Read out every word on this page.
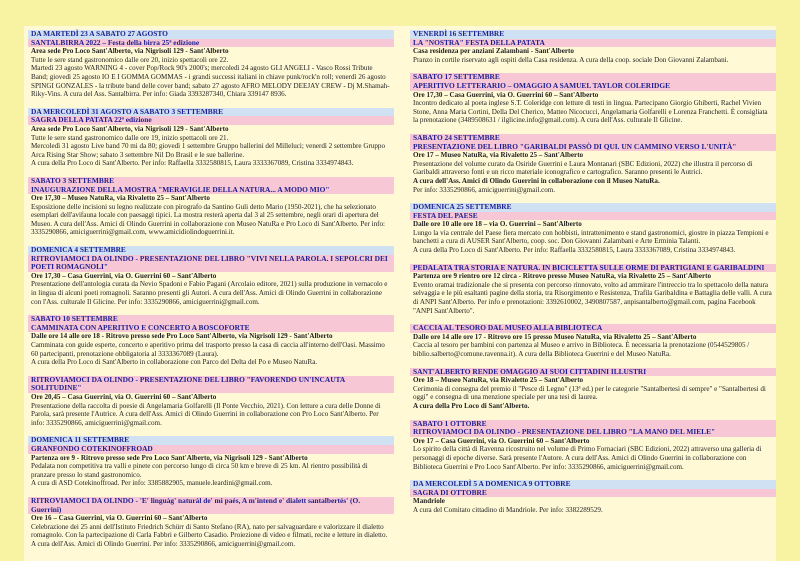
DA MARTEDÌ 23 A SABATO 27 AGOSTO
SANTALBIRRA 2022 – Festa della birra 25ª edizione
Area sede Pro Loco Sant'Alberto, via Nigrisoli 129 - Sant'Alberto
Tutte le sere stand gastronomico dalle ore 20, inizio spettacoli ore 22.
Martedì 23 agosto WARNING 4 - cover Pop/Rock 90's 2000's; mercoledì 24 agosto GLI ANGELI - Vasco Rossi Tribute Band; giovedì 25 agosto IO E I GOMMA GOMMAS - i grandi successi italiani in chiave punk/rock'n roll; venerdì 26 agosto SPINGI GONZALES - la tribute band delle cover band; sabato 27 agosto AFRO MELODY DEEJAY CREW - Dj M.Shamah-Riky-Vins. A cura del Ass. Santalbirra. Per info: Giada 3393287340, Chiara 339147 8936.
DA MERCOLEDÌ 31 AGOSTO A SABATO 3 SETTEMBRE
SAGRA DELLA PATATA 22ª edizione
Area sede Pro Loco Sant'Alberto, via Nigrisoli 129 - Sant'Alberto
Tutte le sere stand gastronomico dalle ore 19, inizio spettacoli ore 21.
Mercoledì 31 agosto Live band 70 mi da 80; giovedì 1 settembre Gruppo ballerini del Milleluci; venerdì 2 settembre Gruppo Arca Rising Star Show; sabato 3 settembre Nil Do Brasil e le sue ballerine.
A cura della Pro Loco di Sant'Alberto. Per info: Raffaella 3332580815, Laura 3333367089, Cristina 3334974843.
SABATO 3 SETTEMBRE
INAUGURAZIONE DELLA MOSTRA "MERAVIGLIE DELLA NATURA... A MODO MIO"
Ore 17,30 – Museo NatuRa, via Rivaletto 25 – Sant'Alberto
Esposizione delle incisioni su legno realizzate con pirografo da Santino Guli detto Mario (1950-2021), che ha selezionato esemplari dell'avifauna locale con paesaggi tipici. La mostra resterà aperta dal 3 al 25 settembre, negli orari di apertura del Museo. A cura dell'Ass. Amici di Olindo Guerrini in collaborazione con Museo NatuRa e Pro Loco di Sant'Alberto. Per info: 3335290866, amiciguerrini@gmail.com, www.amicidiolindoguerrini.it.
DOMENICA 4 SETTEMBRE
RITROVIAMOCI DA OLINDO - PRESENTAZIONE DEL LIBRO "VIVI NELLA PAROLA. I SEPOLCRI DEI POETI ROMAGNOLI"
Ore 17,30 – Casa Guerrini, via O. Guerrini 60 – Sant'Alberto
Presentazione dell'antologia curata da Nevio Spadoni e Fabio Pagani (Arcolaio editore, 2021) sulla produzione in vernacolo e in lingua di alcuni poeti romagnoli. Saranno presenti gli Autori. A cura dell'Ass. Amici di Olindo Guerrini in collaborazione con l'Ass. culturale Il Glicine. Per info: 3335290866, amiciguerrini@gmail.com.
SABATO 10 SETTEMBRE
CAMMINATA CON APERITIVO E CONCERTO A BOSCOFORTE
Dalle ore 14 alle ore 18 - Ritrovo presso sede Pro Loco Sant'Alberto, via Nigrisoli 129 - Sant'Alberto
Camminata con guide esperte, concerto e aperitivo prima del trasporto presso la casa di caccia all'interno dell'Oasi. Massimo 60 partecipanti, prenotazione obbligatoria al 3333367089 (Laura).
A cura della Pro Loco di Sant'Alberto in collaborazione con Parco del Delta del Po e Museo NatuRa.
RITROVIAMOCI DA OLINDO - PRESENTAZIONE DEL LIBRO "FAVORENDO UN'INCAUTA SOLITUDINE"
Ore 20,45 – Casa Guerrini, via O. Guerrini 60 – Sant'Alberto
Presentazione della raccolta di poesie di Angelamaria Golfarelli (Il Ponte Vecchio, 2021). Con letture a cura delle Donne di Parola, sarà presente l'Autrice. A cura dell'Ass. Amici di Olindo Guerrini in collaborazione con Pro Loco Sant'Alberto. Per info: 3335290866, amiciguerrini@gmail.com.
DOMENICA 11 SETTEMBRE
GRANFONDO COTEKINOFFROAD
Partenza ore 9 - Ritrovo presso sede Pro Loco Sant'Alberto, via Nigrisoli 129 - Sant'Alberto
Pedalata non competitiva tra valli e pinete con percorso lungo di circa 50 km e breve di 25 km. Al rientro possibilità di pranzare presso lo stand gastronomico.
A cura di ASD Cotekinoffroad. Per info: 3385882905, manuele.leardini@gmail.com.
RITROVIAMOCI DA OLINDO - 'E' linguàg' naturàl de' mi paés, A m'intend e' dialett santalbertés' (O. Guerrini)
Ore 16 – Casa Guerrini, via O. Guerrini 60 – Sant'Alberto
Celebrazione dei 25 anni dell'Istituto Friedrich Schürr di Santo Stefano (RA), nato per salvaguardare e valorizzare il dialetto romagnolo. Con la partecipazione di Carla Fabbri e Gilberto Casadio. Proiezione di video e filmati, recite e letture in dialetto. A cura dell'Ass. Amici di Olindo Guerrini. Per info: 3335290866, amiciguerrini@gmail.com.
VENERDÌ 16 SETTEMBRE
LA "NOSTRA" FESTA DELLA PATATA
Casa residenza per anziani Zalambani - Sant'Alberto
Pranzo in cortile riservato agli ospiti della Casa residenza. A cura della coop. sociale Don Giovanni Zalambani.
SABATO 17 SETTEMBRE
APERITIVO LETTERARIO – OMAGGIO A SAMUEL TAYLOR COLERIDGE
Ore 17,30 – Casa Guerrini, via O. Guerrini 60 – Sant'Alberto
Incontro dedicato al poeta inglese S.T. Coleridge con letture di testi in lingua. Partecipano Giorgio Ghiberti, Rachel Vivien Stone, Anna Maria Cortini, Della Del Cherico, Matteo Nicocucci, Angelamaria Golfarelli e Lorenza Franchetti. È consigliata la prenotazione (3489508631 / ilglicine.info@gmail.com). A cura dell'Ass. culturale Il Glicine.
SABATO 24 SETTEMBRE
PRESENTAZIONE DEL LIBRO "GARIBALDI PASSÒ DI QUI. UN CAMMINO VERSO L'UNITÀ"
Ore 17 – Museo NatuRa, via Rivaletto 25 – Sant'Alberto
Presentazione del volume curato da Osiride Guerrini e Laura Montanari (SBC Edizioni, 2022) che illustra il percorso di Garibaldi attraverso fonti e un ricco materiale iconografico e cartografico. Saranno presenti le Autrici.
A cura dell'Ass. Amici di Olindo Guerrini in collaborazione con il Museo NatuRa.
Per info: 3335290866, amiciguerrini@gmail.com.
DOMENICA 25 SETTEMBRE
FESTA DEL PAESE
Dalle ore 10 alle ore 18 – via O. Guerrini – Sant'Alberto
Lungo la via centrale del Paese fiera mercato con hobbisti, intrattenimento e stand gastronomici, giostre in piazza Tempioni e banchetti a cura di AUSER Sant'Alberto, coop. soc. Don Giovanni Zalambani e Arte Erminia Talanti.
A cura della Pro Loco di Sant'Alberto. Per info: Raffaella 3332580815, Laura 3333367089, Cristina 3334974843.
PEDALATA TRA STORIA E NATURA. IN BICICLETTA SULLE ORME DI PARTIGIANI E GARIBALDINI
Partenza ore 9 rientro ore 12 circa - Ritrovo presso Museo NatuRa, via Rivaletto 25 – Sant'Alberto
Evento oramai tradizionale che si presenta con percorso rinnovato, volto ad ammirare l'intreccio tra lo spettacolo della natura selvaggia e le più esaltanti pagine della storia, tra Risorgimento e Resistenza, Trafila Garibaldina e Battaglia delle valli. A cura di ANPI Sant'Alberto. Per info e prenotazioni: 3392610002, 3490807587, anpisantalberto@gmail.com, pagina Facebook "ANPI Sant'Alberto".
CACCIA AL TESORO DAL MUSEO ALLA BIBLIOTECA
Dalle ore 14 alle ore 17 - Ritrovo ore 15 presso Museo NatuRa, via Rivaletto 25 – Sant'Alberto
Caccia al tesoro per bambini con partenza al Museo e arrivo in Biblioteca. È necessaria la prenotazione (0544529805 / biblio.salberto@comune.ravenna.it). A cura della Biblioteca Guerrini e del Museo NatuRa.
SANT'ALBERTO RENDE OMAGGIO AI SUOI CITTADINI ILLUSTRI
Ore 18 – Museo NatuRa, via Rivaletto 25 – Sant'Alberto
Cerimonia di consegna del premio il "Pesce di Legno" (13ª ed.) per le categorie "Santalbertesi di sempre" e "Santalbertesi di oggi" e consegna di una menzione speciale per una tesi di laurea.
A cura della Pro Loco di Sant'Alberto.
SABATO 1 OTTOBRE
RITROVIAMOCI DA OLINDO - PRESENTAZIONE DEL LIBRO "LA MANO DEL MIELE"
Ore 17 – Casa Guerrini, via O. Guerrini 60 – Sant'Alberto
Lo spirito della città di Ravenna ricostruito nel volume di Primo Fornaciari (SBC Edizioni, 2022) attraverso una galleria di personaggi di epoche diverse. Sarà presente l'Autore. A cura dell'Ass. Amici di Olindo Guerrini in collaborazione con Biblioteca Guerrini e Pro Loco Sant'Alberto. Per info: 3335290866, amiciguerrini@gmail.com.
DA MERCOLEDÌ 5 A DOMENICA 9 OTTOBRE
SAGRA DI OTTOBRE
Mandriole
A cura del Comitato cittadino di Mandriole. Per info: 3382289529.
